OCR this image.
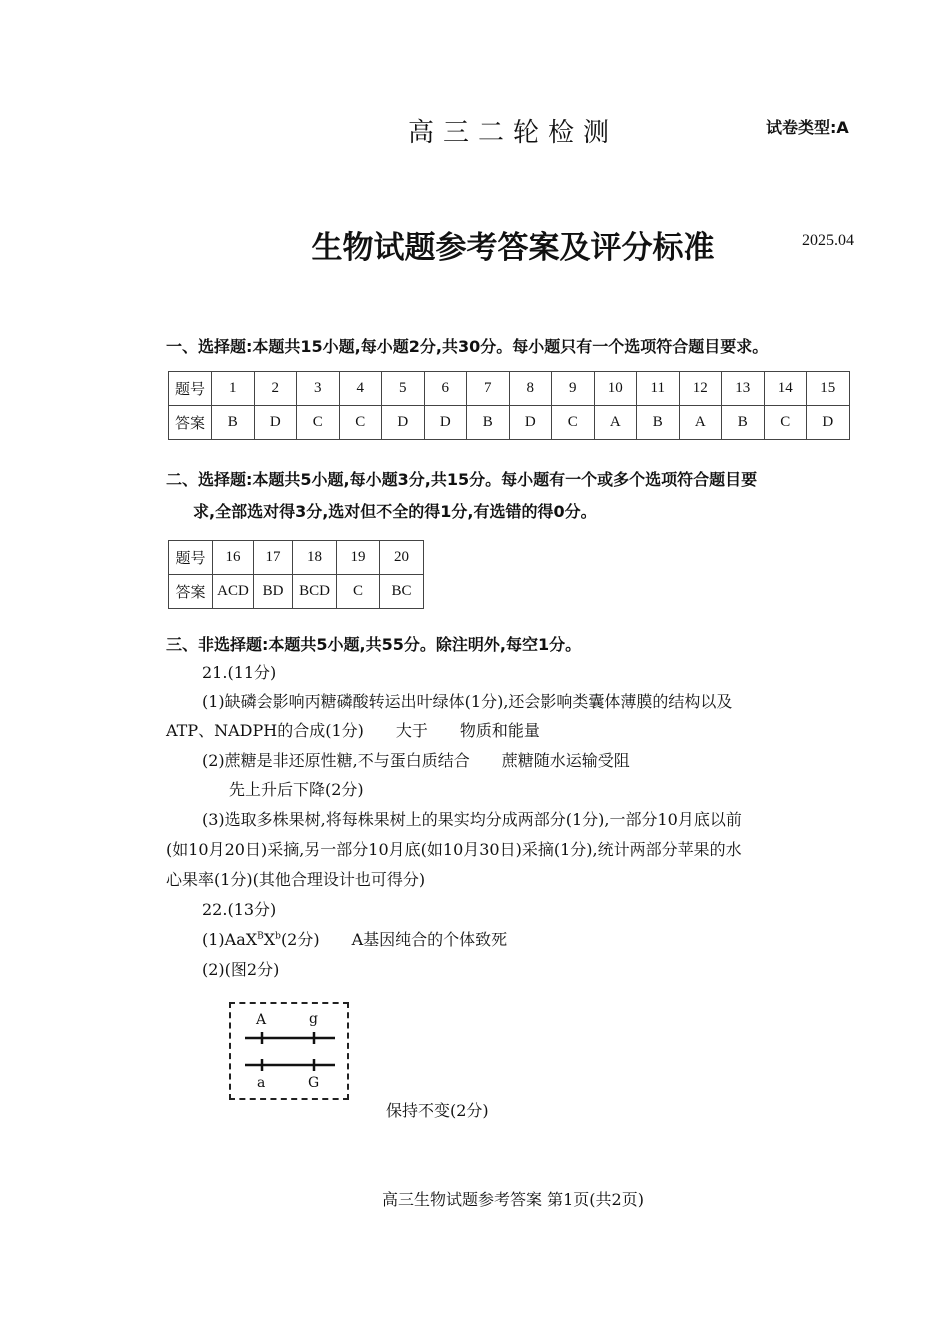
高三二轮检测	试卷类型:A
生物试题参考答案及评分标准	2025.04
一、选择题:本题共15小题,每小题2分,共30分。每小题只有一个选项符合题目要求。
题号	1	2	3	4	5	6	7	8	9	10	11	12	13	14	15
答案	B	D	C	C	D	D	B	D	C	A	B	A	B	C	D
二、选择题:本题共5小题,每小题3分,共15分。每小题有一个或多个选项符合题目要
求,全部选对得3分,选对但不全的得1分,有选错的得0分。
题号	16	17	18	19	20
答案	ACD	BD	BCD	C	BC
三、非选择题:本题共5小题,共55分。除注明外,每空1分。
21.(11分)
(1)缺磷会影响丙糖磷酸转运出叶绿体(1分),还会影响类囊体薄膜的结构以及
ATP、NADPH的合成(1分)　　大于　　物质和能量
(2)蔗糖是非还原性糖,不与蛋白质结合　　蔗糖随水运输受阻
先上升后下降(2分)
(3)选取多株果树,将每株果树上的果实均分成两部分(1分),一部分10月底以前
(如10月20日)采摘,另一部分10月底(如10月30日)采摘(1分),统计两部分苹果的水
心果率(1分)(其他合理设计也可得分)
22.(13分)
$(1)AaX^BX^b(2$分)　　A基因纯合的个体致死
(2)(图2分)
A	g
a	G
保持不变(2分)
高三生物试题参考答案 第1页(共2页)
